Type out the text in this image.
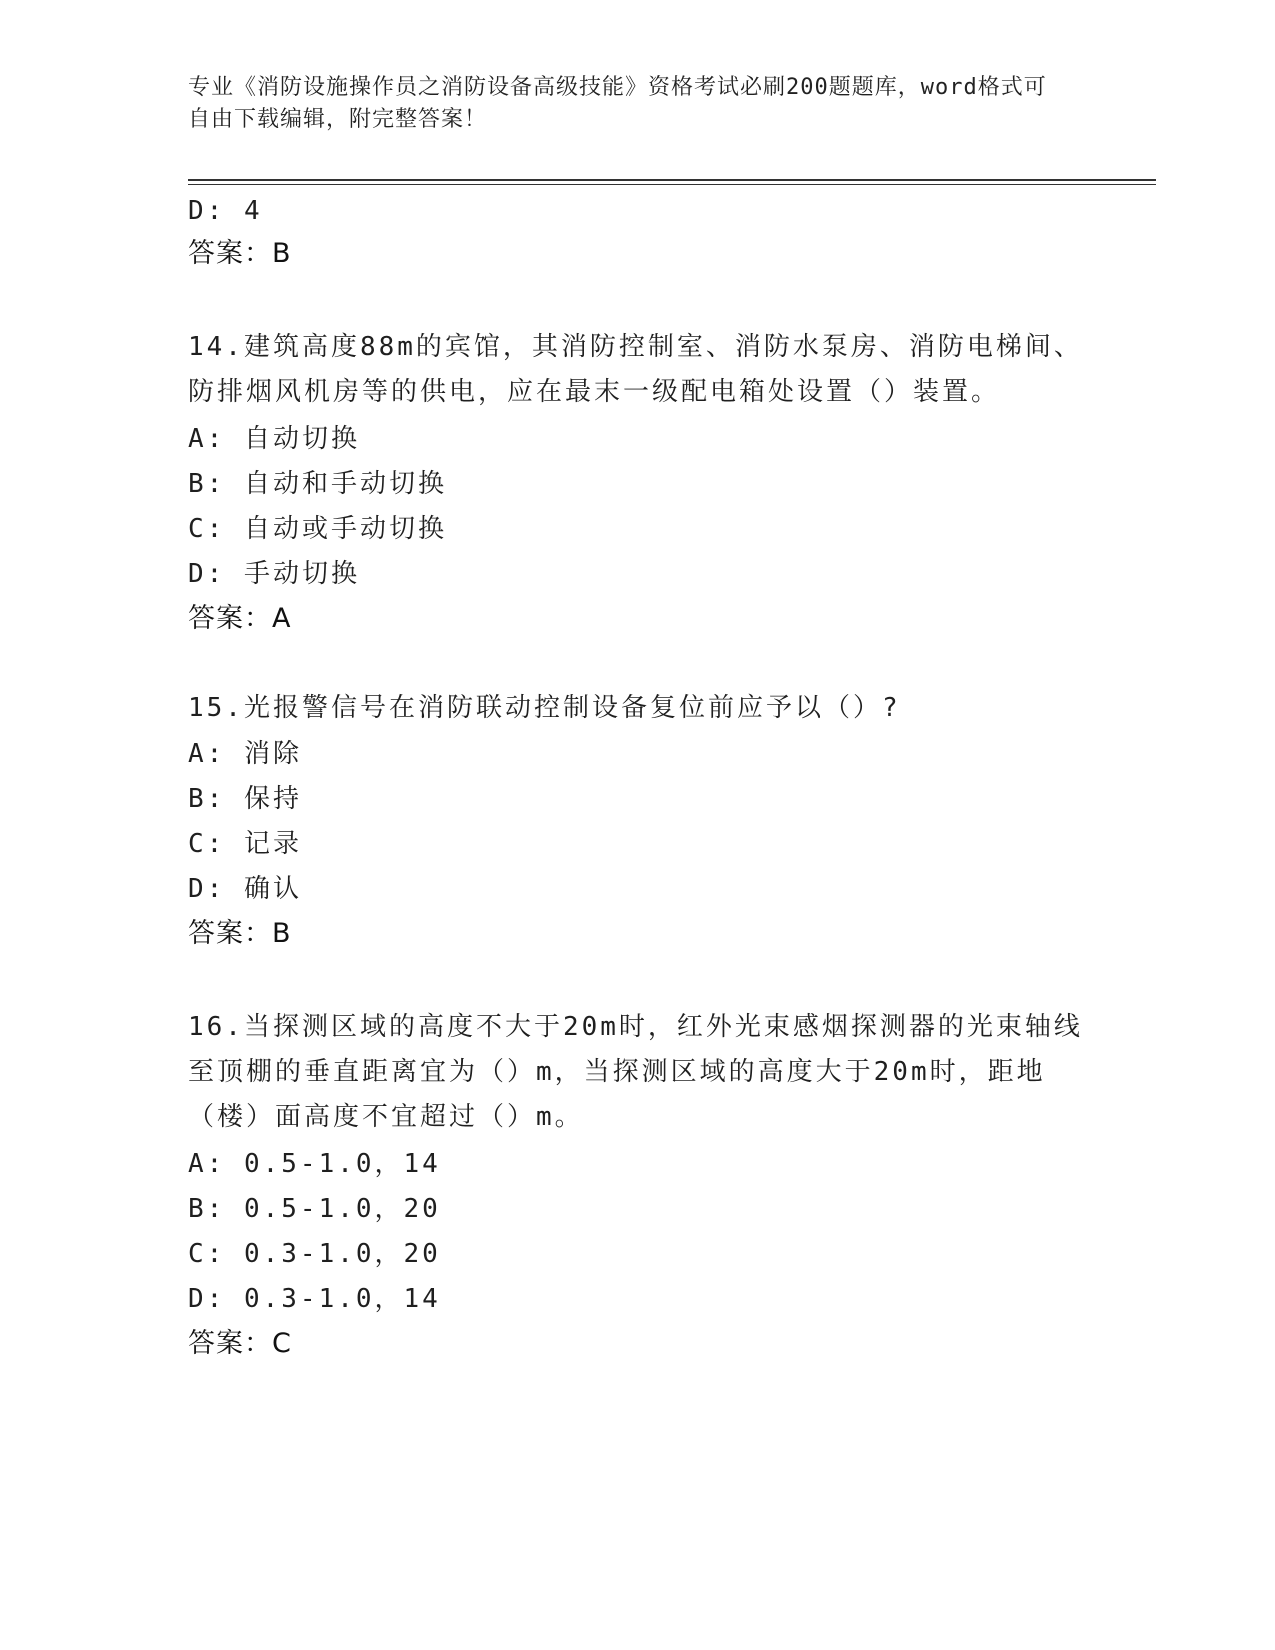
专业《消防设施操作员之消防设备高级技能》资格考试必刷200题题库，word格式可自由下载编辑，附完整答案！
D: 4
答案：B
14.建筑高度88m的宾馆，其消防控制室、消防水泵房、消防电梯间、防排烟风机房等的供电，应在最末一级配电箱处设置（）装置。
A: 自动切换
B: 自动和手动切换
C: 自动或手动切换
D: 手动切换
答案：A
15.光报警信号在消防联动控制设备复位前应予以（）?
A: 消除
B: 保持
C: 记录
D: 确认
答案：B
16.当探测区域的高度不大于20m时，红外光束感烟探测器的光束轴线至顶棚的垂直距离宜为（）m，当探测区域的高度大于20m时，距地（楼）面高度不宜超过（）m。
A: 0.5-1.0，14
B: 0.5-1.0，20
C: 0.3-1.0，20
D: 0.3-1.0，14
答案：C
